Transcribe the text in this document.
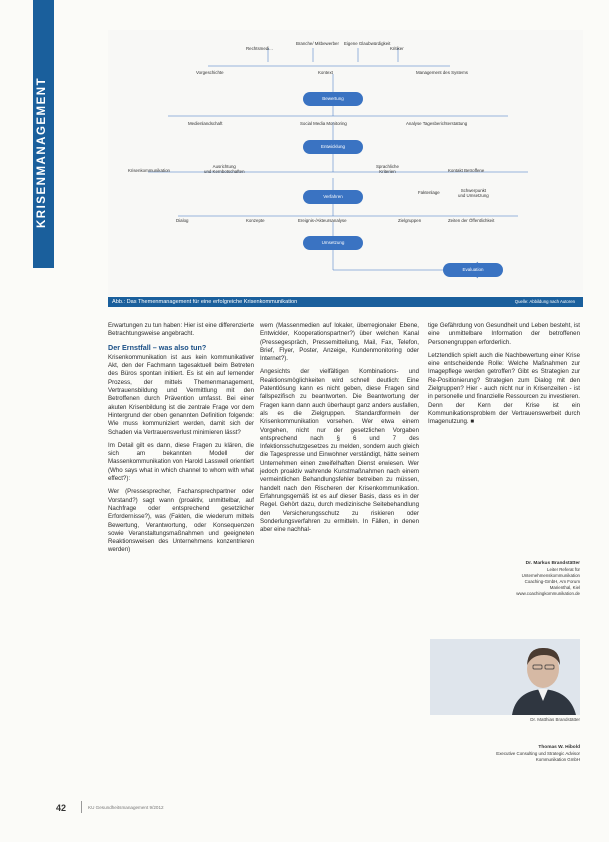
KRISENMANAGEMENT
Rechtsmedi...
Branche/ Mitbewerber Eigene Glaubwürdigkeit
Kritiker
Vorgeschichte	Kontext	Management des Systems
Bewertung
Medienlandschaft	Social Media Monitoring	Analyse Tagesberichterstattung
Entwicklung
Krisenkommunikation
Ausrichtung
und Kernbotschaften
Sprachliche
Kriterien	Kontakt Betroffene
Faktenlage	Schwerpunkt
und Umsetzung
Verfahren
Dialog	Konzepte	Ereignis-/Akteursanalyse	Zielgruppen	Zeiten der Öffentlichkeit
Umsetzung
Evaluation
Abb.: Das Themenmanagement für eine erfolgreiche Krisenkommunikation	Quelle: Abbildung nach Autoren

Erwartungen zu tun haben: Hier ist eine differenzierte Betrachtungsweise angebracht.

Der Ernstfall – was also tun?

Krisenkommunikation ist aus kein kommunikativer Akt, den der Fachmann tagesaktuell beim Betreten des Büros spontan initiiert. Es ist ein auf lernender Prozess, der mittels Themenmanagement, Vertrauensbildung und Vermittlung mit den Betroffenen durch Prävention umfasst. Bei einer akuten Krisenbildung ist die zentrale Frage vor dem Hintergrund der oben genannten Definition folgende: Wie muss kommuniziert werden, damit sich der Schaden via Vertrauensverlust minimieren lässt?

Im Detail gilt es dann, diese Fragen zu klären, die sich am bekannten Modell der Massenkommunikation von Harold Lasswell orientiert (Who says what in which channel to whom with what effect?):

Wer (Pressesprecher, Fachansprechpartner oder Vorstand?) sagt wann (proaktiv, unmittelbar, auf Nachfrage oder entsprechend gesetzlicher Erfordernisse?), was (Fakten, die wiederum mittels Bewertung, Verantwortung, oder Konsequenzen sowie Veranstaltungsmaßnahmen und geeigneten Reaktionsweisen des Unternehmens konzentrieren werden)

wem (Massenmedien auf lokaler, überregionaler Ebene, Entwickler, Kooperationspartner?) über welchen Kanal (Pressegespräch, Pressemitteilung, Mail, Fax, Telefon, Brief, Flyer, Poster, Anzeige, Kundenmonitoring oder Internet?).

Angesichts der vielfältigen Kombinations- und Reaktionsmöglichkeiten wird schnell deutlich: Eine Patentlösung kann es nicht geben, diese Fragen sind fallspezifisch zu beantworten. Die Beantwortung der Fragen kann dann auch überhaupt ganz anders ausfallen, als es die Zielgruppen. Standardformeln der Krisenkommunikation vorsehen. Wer etwa einem Vorgehen, nicht nur der gesetzlichen Vorgaben entsprechend nach § 6 und 7 des Infektionsschutzgesetzes zu melden, sondern auch gleich die Tagespresse und Einwohner verständigt, hätte seinem Unternehmen einen zweifelhaften Dienst erwiesen. Wer jedoch proaktiv wahrende Kunstmaßnahmen nach einem vermeintlichen Behandlungsfehler betreiben zu müssen, handelt nach den Rischeren der Krisenkommunikation. Erfahrungsgemäß ist es auf dieser Basis, dass es in der Regel. Gehört dazu, durch medizinische Seitebehandlung den Versicherungsschutz zu riskieren oder Sonderlungsverfahren zu ermitteln. In Fällen, in denen aber eine nachhal-

tige Gefährdung von Gesundheit und Leben besteht, ist eine unmittelbare Information der betroffenen Personengruppen erforderlich.

Letztendlich spielt auch die Nachbewertung einer Krise eine entscheidende Rolle: Welche Maßnahmen zur Imagepflege werden getroffen? Gibt es Strategien zur Re-Positionierung? Strategien zum Dialog mit den Zielgruppen? Hier - auch nicht nur in Krisenzeiten - ist in personelle und finanzielle Ressourcen zu investieren. Denn der Kern der Krise ist ein Kommunikationsproblem der Vertrauenswerbeit durch Imagenutzung. ■

Dr. Markus Brandstätter
Leiter Referat für
Unternehmenskommunikation
Coaching-GmbH, Am Forum
Marienthal, Kiel
www.coachingkommunikation.de
Dr. Matthias Brandstätter
Thomas W. Hibold
Executive Consulting und Strategic Advisor
Kommunikation GmbH
42	KU Gesundheitsmanagement 9/2012
